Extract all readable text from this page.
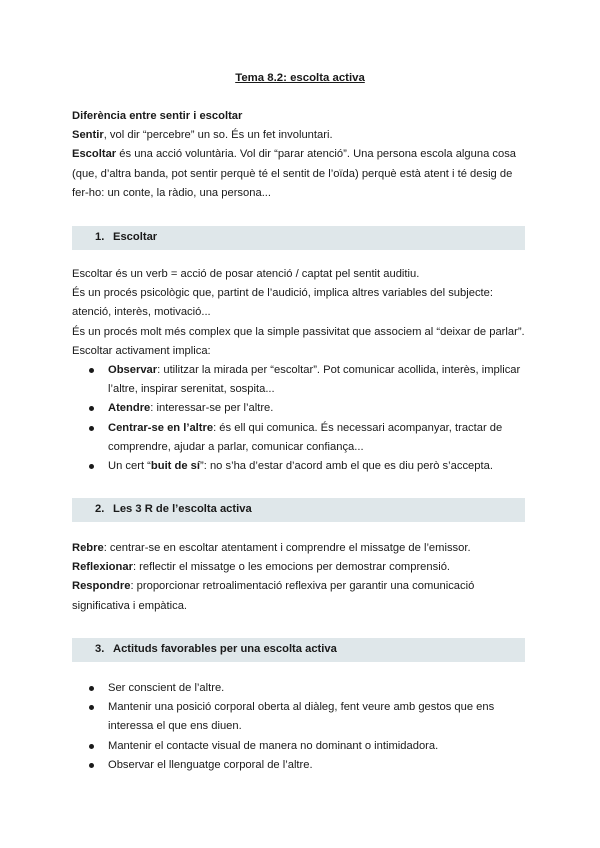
Tema 8.2: escolta activa
Diferència entre sentir i escoltar
Sentir, vol dir “percebre” un so. És un fet involuntari.
Escoltar és una acció voluntària. Vol dir “parar atenció”. Una persona escola alguna cosa
(que, d’altra banda, pot sentir perquè té el sentit de l’oïda) perquè està atent i té desig de
fer-ho: un conte, la ràdio, una persona...
1. Escoltar
Escoltar és un verb = acció de posar atenció / captat pel sentit auditiu.
És un procés psicològic que, partint de l’audició, implica altres variables del subjecte:
atenció, interès, motivació...
És un procés molt més complex que la simple passivitat que associem al “deixar de parlar”.
Escoltar activament implica:
Observar: utilitzar la mirada per “escoltar”. Pot comunicar acollida, interès, implicar
l’altre, inspirar serenitat, sospita...
Atendre: interessar-se per l’altre.
Centrar-se en l’altre: és ell qui comunica. És necessari acompanyar, tractar de
comprendre, ajudar a parlar, comunicar confiança...
Un cert “buit de sí”: no s’ha d’estar d’acord amb el que es diu però s’accepta.
2. Les 3 R de l’escolta activa
Rebre: centrar-se en escoltar atentament i comprendre el missatge de l’emissor.
Reflexionar: reflectir el missatge o les emocions per demostrar comprensió.
Respondre: proporcionar retroalimentació reflexiva per garantir una comunicació
significativa i empàtica.
3. Actituds favorables per una escolta activa
Ser conscient de l’altre.
Mantenir una posició corporal oberta al diàleg, fent veure amb gestos que ens
interessa el que ens diuen.
Mantenir el contacte visual de manera no dominant o intimidadora.
Observar el llenguatge corporal de l’altre.
